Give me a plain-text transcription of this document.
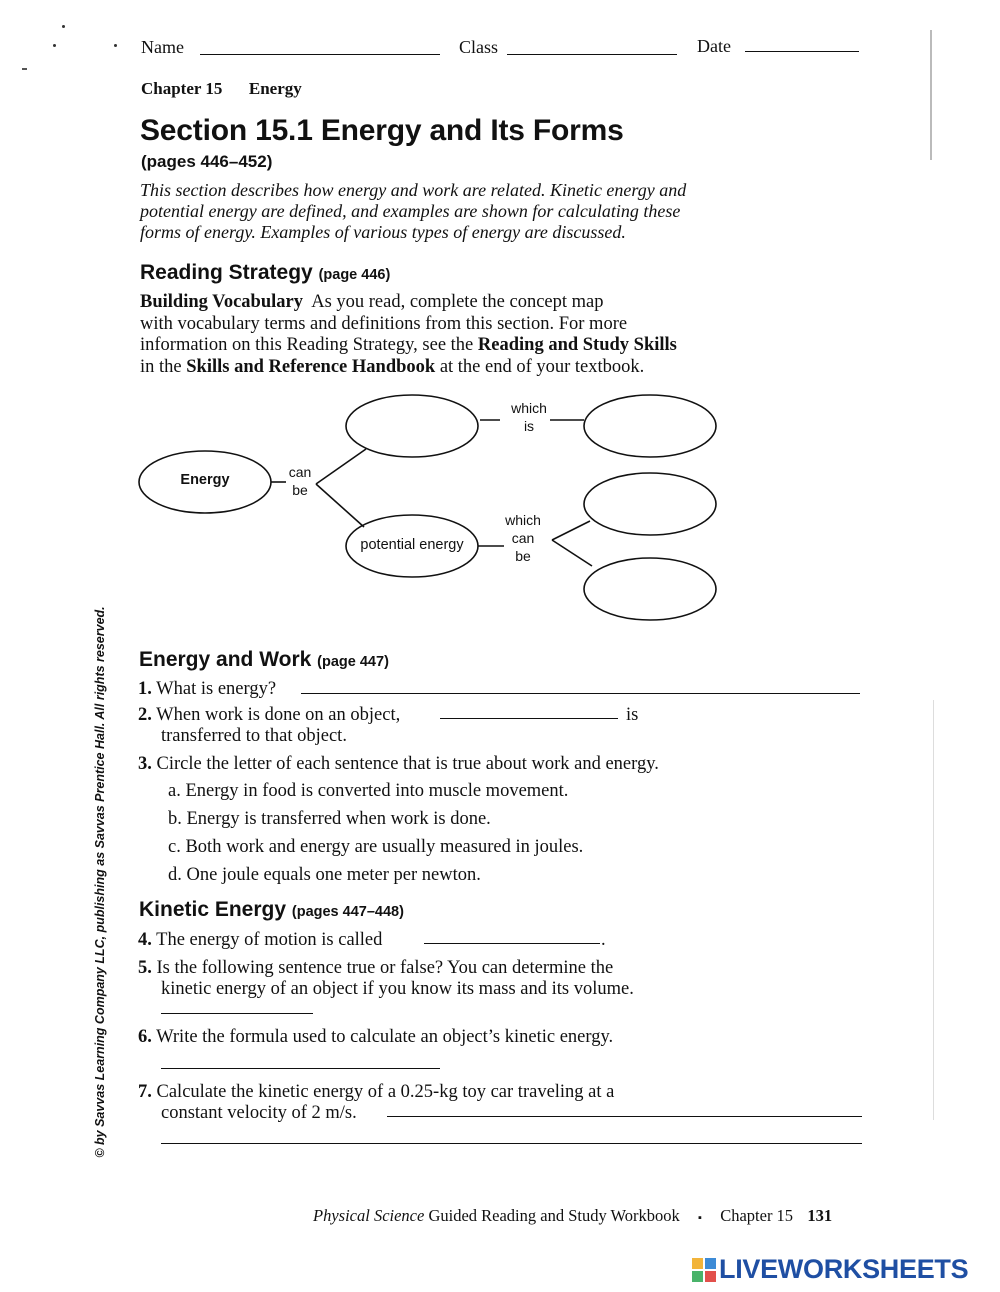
Name	Class	Date
Chapter 15 Energy
Section 15.1 Energy and Its Forms
(pages 446–452)
This section describes how energy and work are related. Kinetic energy and
potential energy are defined, and examples are shown for calculating these
forms of energy. Examples of various types of energy are discussed.
Reading Strategy (page 446)
Building Vocabulary As you read, complete the concept map
with vocabulary terms and definitions from this section. For more
information on this Reading Strategy, see the Reading and Study Skills
in the Skills and Reference Handbook at the end of your textbook.
Energy	can
be
which
is
potential energy
which
can
be
Energy and Work (page 447)
1. What is energy?
2. When work is done on an object,	is
transferred to that object.
3. Circle the letter of each sentence that is true about work and energy.
a. Energy in food is converted into muscle movement.
b. Energy is transferred when work is done.
c. Both work and energy are usually measured in joules.
d. One joule equals one meter per newton.
Kinetic Energy (pages 447–448)
4. The energy of motion is called	.
5. Is the following sentence true or false? You can determine the
kinetic energy of an object if you know its mass and its volume.
6. Write the formula used to calculate an object’s kinetic energy.
7. Calculate the kinetic energy of a 0.25-kg toy car traveling at a
constant velocity of 2 m/s.
Physical Science Guided Reading and Study Workbook ▪ Chapter 15 131
© by Savvas Learning Company LLC, publishing as Savvas Prentice Hall. All rights reserved.
LIVEWORKSHEETS
